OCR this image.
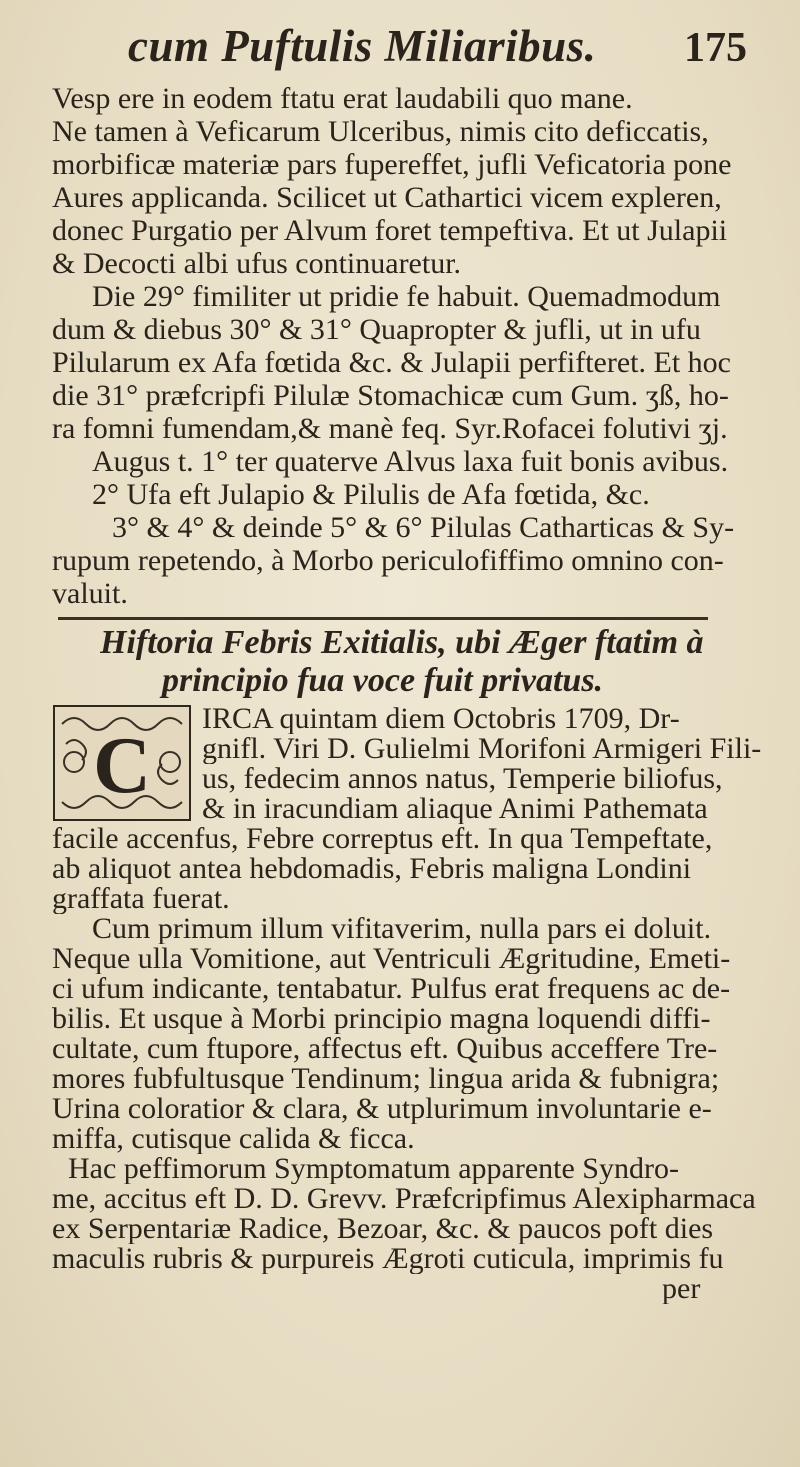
cum Puftulis Miliaribus. 175
Vesp ere in eodem ftatu erat laudabili quo mane.
Ne tamen à Veficarum Ulceribus, nimis cito deficcatis,
morbificæ materiæ pars fupereffet, jufli Veficatoria pone
Aures applicanda. Scilicet ut Cathartici vicem expleren,
donec Purgatio per Alvum foret tempeftiva. Et ut Julapii
& Decocti albi ufus continuaretur.
Die 29° fimiliter ut pridie fe habuit. Quemadmodum
dum & diebus 30° & 31° Quapropter & jufli, ut in ufu
Pilularum ex Afa fœtida &c. & Julapii perfifteret. Et hoc
die 31° præfcripfi Pilulæ Stomachicæ cum Gum. ʒß, ho-
ra fomni fumendam,& manè feq. Syr.Rofacei folutivi ʒj.
Augus t. 1° ter quaterve Alvus laxa fuit bonis avibus.
2° Ufa eft Julapio & Pilulis de Afa fœtida, &c.
3° & 4° & deinde 5° & 6° Pilulas Catharticas & Sy-
rupum repetendo, à Morbo periculofiffimo omnino con-
valuit.
Hiftoria Febris Exitialis, ubi Æger ftatim à
principio fua voce fuit privatus.
C
IRCA quintam diem Octobris 1709, Dr-
gnifl. Viri D. Gulielmi Morifoni Armigeri Fili-
us, fedecim annos natus, Temperie biliofus,
& in iracundiam aliaque Animi Pathemata
facile accenfus, Febre correptus eft. In qua Tempeftate,
ab aliquot antea hebdomadis, Febris maligna Londini
graffata fuerat.
Cum primum illum vifitaverim, nulla pars ei doluit.
Neque ulla Vomitione, aut Ventriculi Ægritudine, Emeti-
ci ufum indicante, tentabatur. Pulfus erat frequens ac de-
bilis. Et usque à Morbi principio magna loquendi diffi-
cultate, cum ftupore, affectus eft. Quibus acceffere Tre-
mores fubfultusque Tendinum; lingua arida & fubnigra;
Urina coloratior & clara, & utplurimum involuntarie e-
miffa, cutisque calida & ficca.
Hac peffimorum Symptomatum apparente Syndro-
me, accitus eft D. D. Grevv. Præfcripfimus Alexipharmaca
ex Serpentariæ Radice, Bezoar, &c. & paucos poft dies
maculis rubris & purpureis Ægroti cuticula, imprimis fu
per
